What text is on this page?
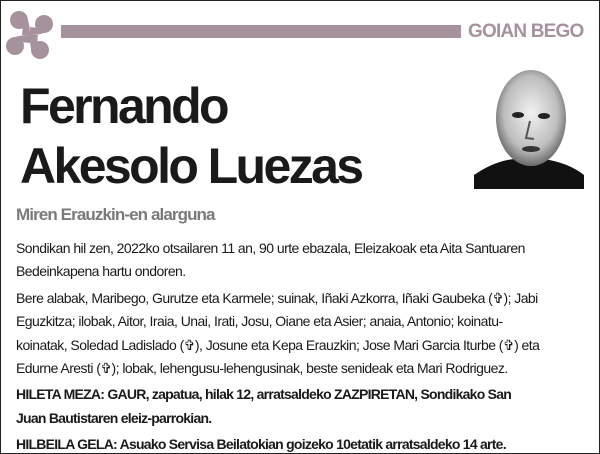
GOIAN BEGO
Fernando
Akesolo Luezas
Miren Erauzkin-en alarguna
Sondikan hil zen, 2022ko otsailaren 11 an, 90 urte ebazala, Eleizakoak eta Aita Santuaren
Bedeinkapena hartu ondoren.
Bere alabak, Maribego, Gurutze eta Karmele; suinak, Iñaki Azkorra, Iñaki Gaubeka (✞); Jabi
Eguzkitza; ilobak, Aitor, Iraia, Unai, Irati, Josu, Oiane eta Asier; anaia, Antonio; koinatu-
koinatak, Soledad Ladislado (✞), Josune eta Kepa Erauzkin; Jose Mari Garcia Iturbe (✞) eta
Edurne Aresti (✞); lobak, lehengusu-lehengusinak, beste senideak eta Mari Rodriguez.
HILETA MEZA: GAUR, zapatua, hilak 12, arratsaldeko ZAZPIRETAN, Sondikako San
Juan Bautistaren eleiz-parrokian.
HILBEILA GELA: Asuako Servisa Beilatokian goizeko 10etatik arratsaldeko 14 arte.
